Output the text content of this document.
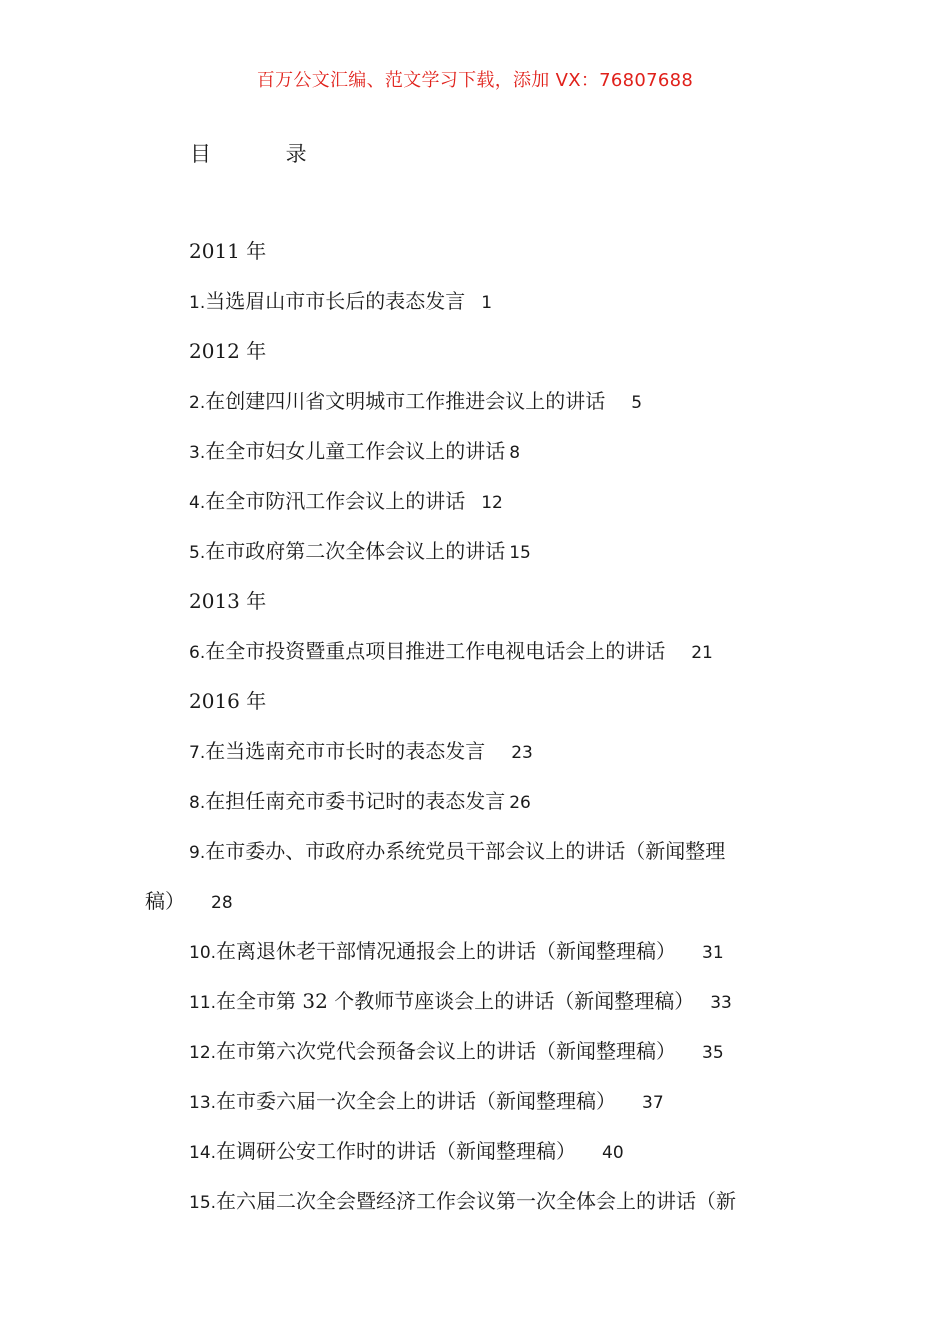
百万公文汇编、范文学习下载，添加 VX：76807688
目 录
2011 年
1.当选眉山市市长后的表态发言 1
2012 年
2.在创建四川省文明城市工作推进会议上的讲话 5
3.在全市妇女儿童工作会议上的讲话 8
4.在全市防汛工作会议上的讲话 12
5.在市政府第二次全体会议上的讲话 15
2013 年
6.在全市投资暨重点项目推进工作电视电话会上的讲话 21
2016 年
7.在当选南充市市长时的表态发言 23
8.在担任南充市委书记时的表态发言 26
9.在市委办、市政府办系统党员干部会议上的讲话（新闻整理
稿） 28
10.在离退休老干部情况通报会上的讲话（新闻整理稿） 31
11.在全市第 32 个教师节座谈会上的讲话（新闻整理稿） 33
12.在市第六次党代会预备会议上的讲话（新闻整理稿） 35
13.在市委六届一次全会上的讲话（新闻整理稿） 37
14.在调研公安工作时的讲话（新闻整理稿） 40
15.在六届二次全会暨经济工作会议第一次全体会上的讲话（新
